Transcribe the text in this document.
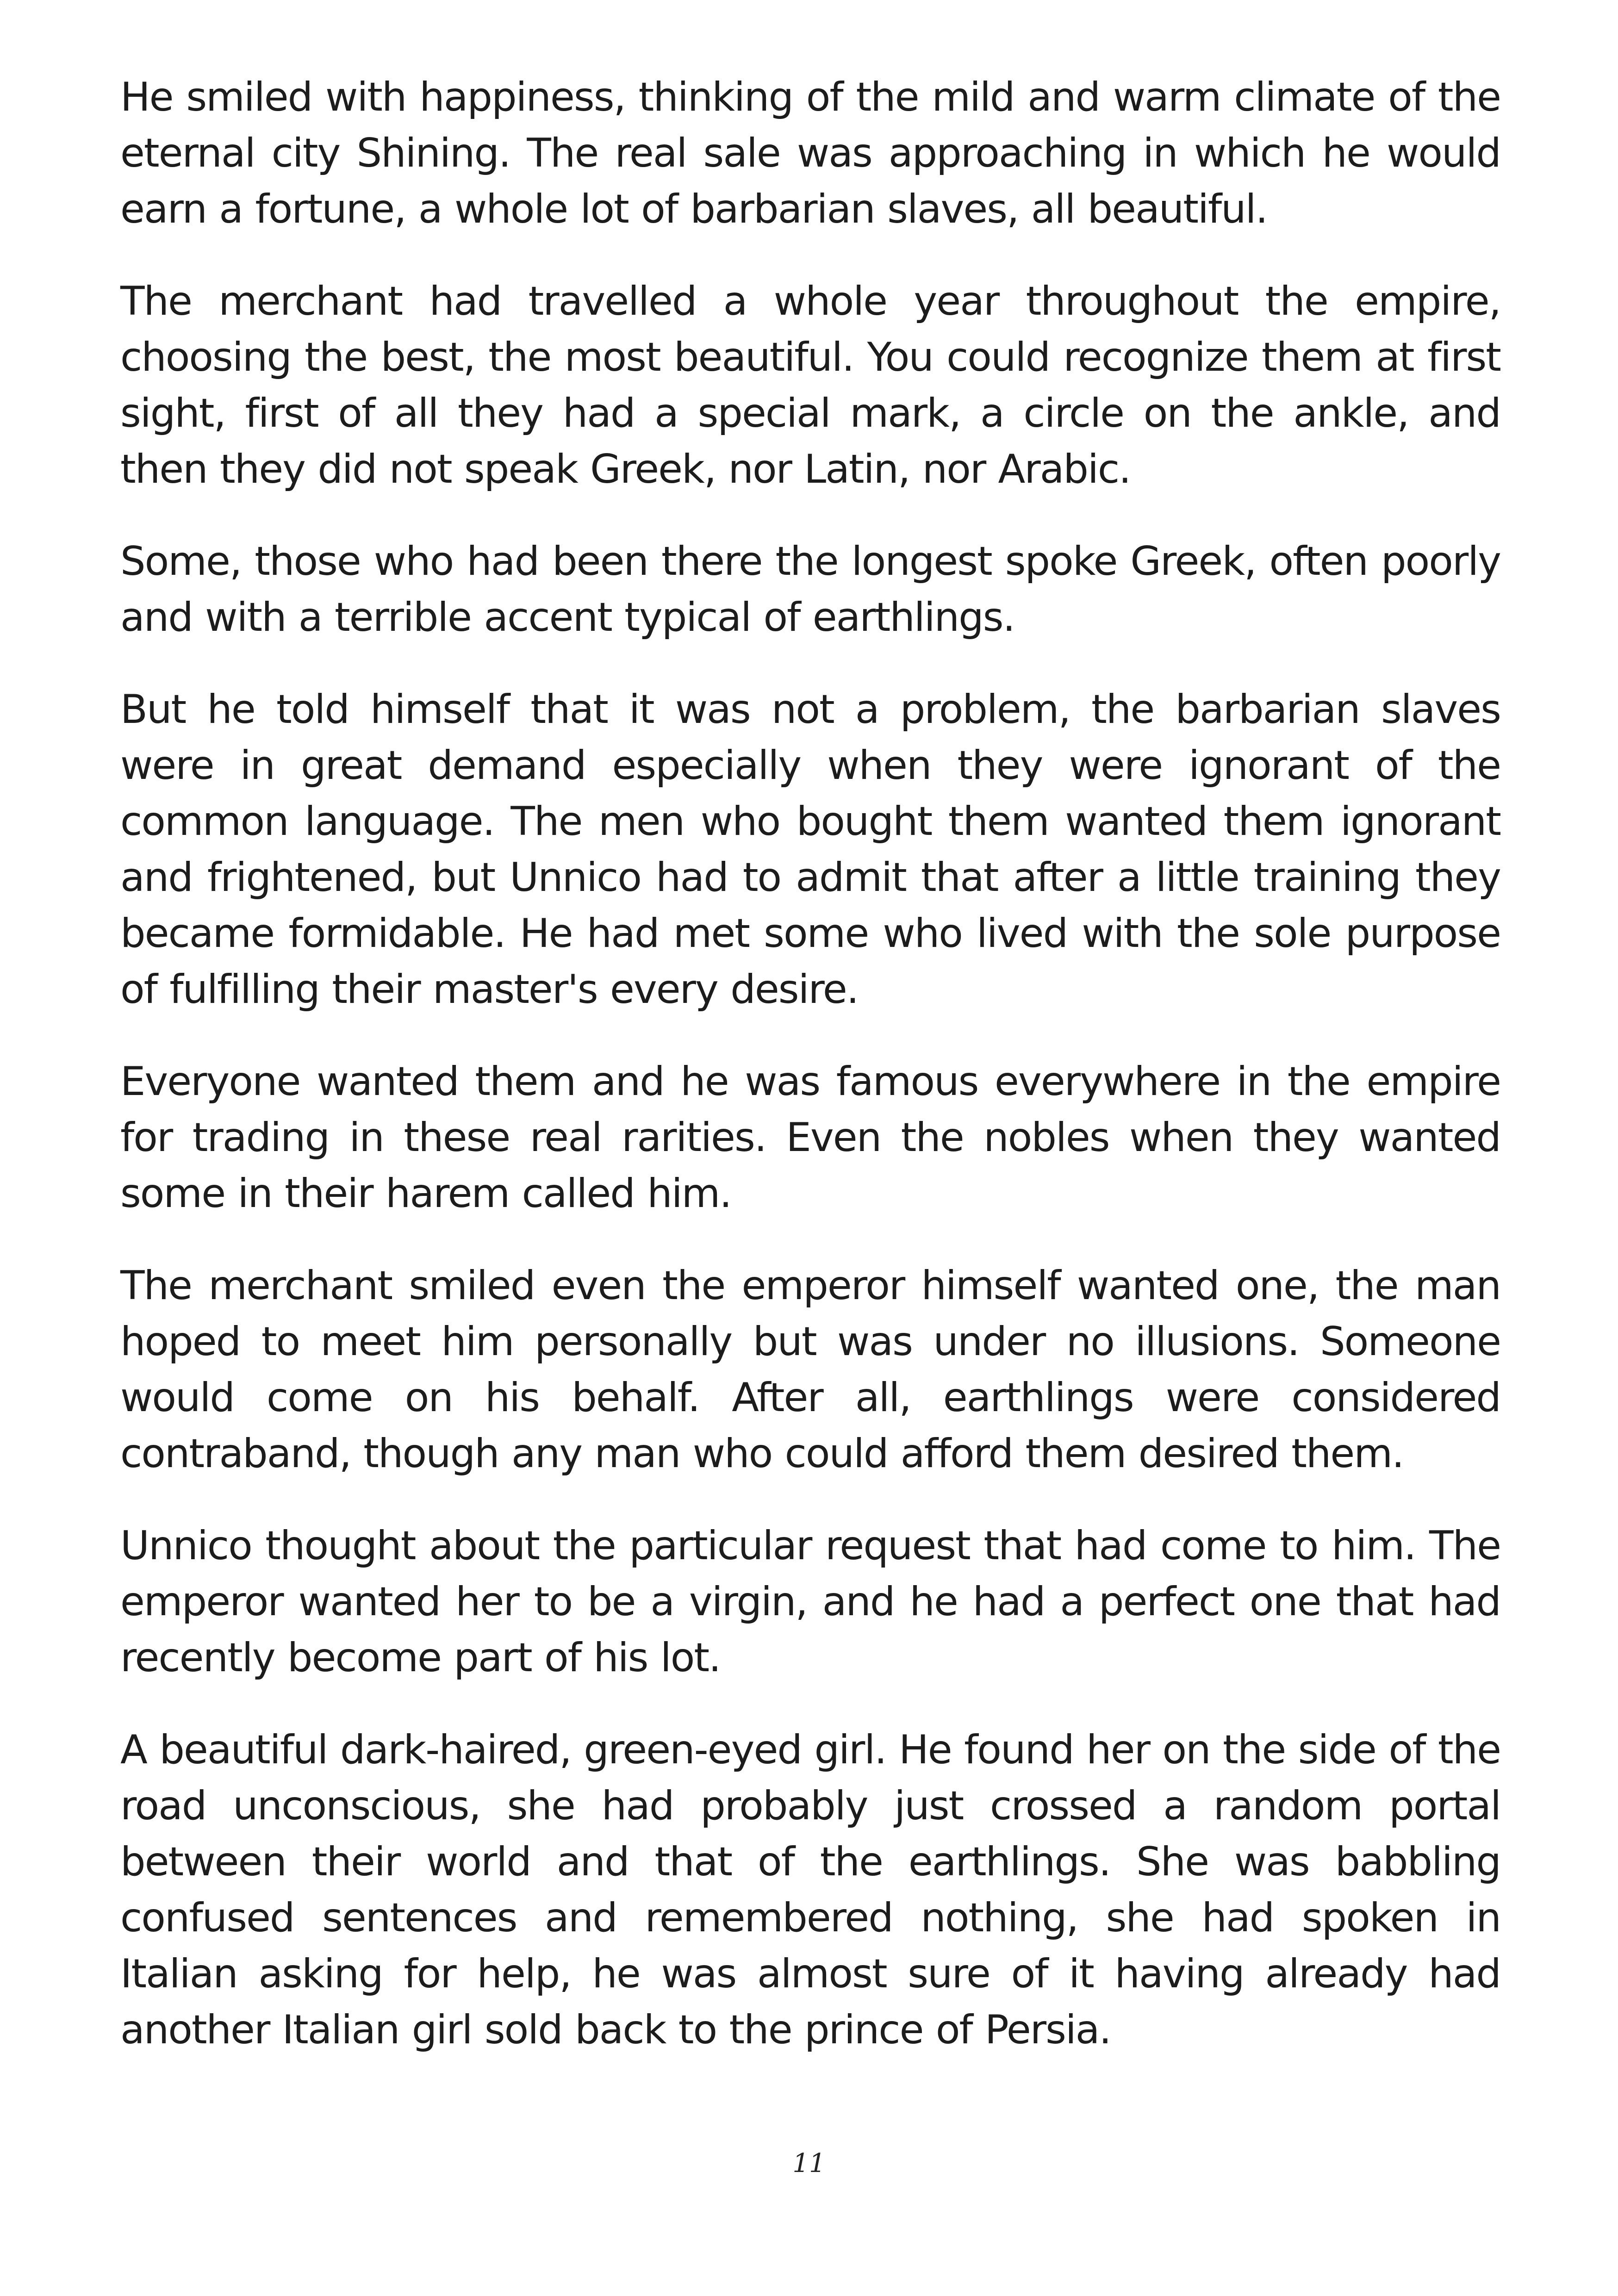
He smiled with happiness, thinking of the mild and warm climate of the eternal city Shining. The real sale was approaching in which he would earn a fortune, a whole lot of barbarian slaves, all beautiful.

The merchant had travelled a whole year throughout the empire, choosing the best, the most beautiful. You could recognize them at first sight, first of all they had a special mark, a circle on the ankle, and then they did not speak Greek, nor Latin, nor Arabic.

Some, those who had been there the longest spoke Greek, often poorly and with a terrible accent typical of earthlings.

But he told himself that it was not a problem, the barbarian slaves were in great demand especially when they were ignorant of the common language. The men who bought them wanted them ignorant and frightened, but Unnico had to admit that after a little training they became formidable. He had met some who lived with the sole purpose of fulfilling their master's every desire.

Everyone wanted them and he was famous everywhere in the empire for trading in these real rarities. Even the nobles when they wanted some in their harem called him.

The merchant smiled even the emperor himself wanted one, the man hoped to meet him personally but was under no illusions. Someone would come on his behalf. After all, earthlings were considered contraband, though any man who could afford them desired them.

Unnico thought about the particular request that had come to him. The emperor wanted her to be a virgin, and he had a perfect one that had recently become part of his lot.

A beautiful dark-haired, green-eyed girl. He found her on the side of the road unconscious, she had probably just crossed a random portal between their world and that of the earthlings. She was babbling confused sentences and remembered nothing, she had spoken in Italian asking for help, he was almost sure of it having already had another Italian girl sold back to the prince of Persia.

11
